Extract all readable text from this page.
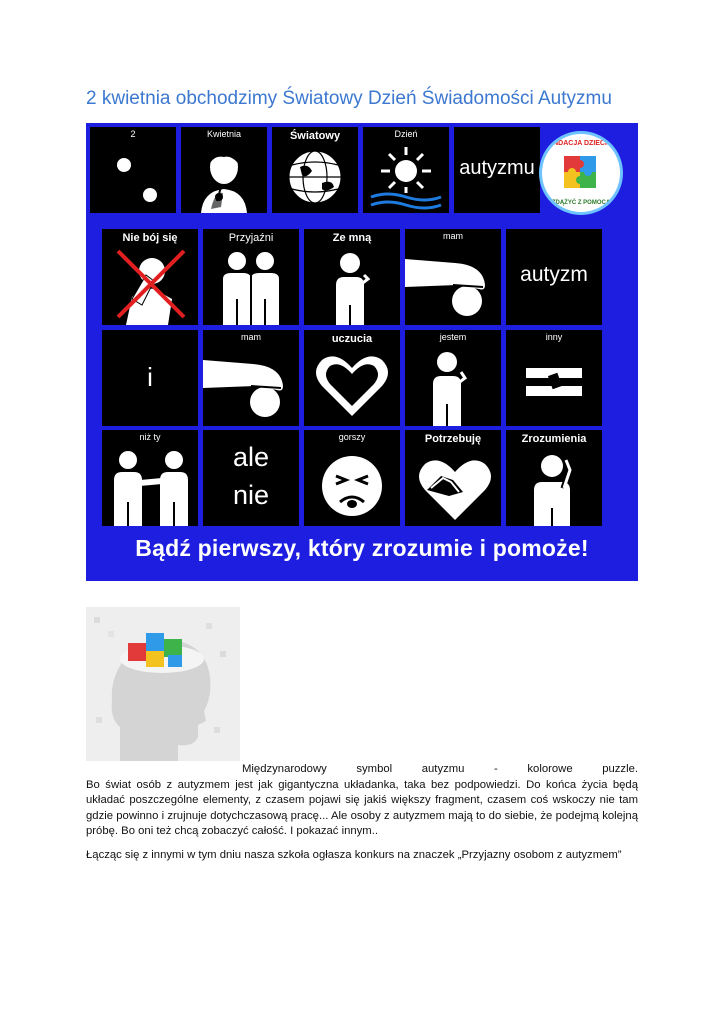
2 kwietnia obchodzimy Światowy Dzień Świadomości Autyzmu
2	Kwietnia	Światowy	Dzień
autyzmu
FUNDACJA DZIECIOM
ZDĄŻYĆ Z POMOCĄ
Nie bój się	Przyjaźni	Ze mną	mam
autyzm
i
mam	uczucia	jestem	inny
niż ty
ale
nie
gorszy	Potrzebuję	Zrozumienia
Bądź pierwszy, który zrozumie i pomoże!
Międzynarodowy symbol autyzmu - kolorowe puzzle.
Bo świat osób z autyzmem jest jak gigantyczna układanka, taka bez podpowiedzi. Do końca życia będą układać poszczególne elementy, z czasem pojawi się jakiś większy fragment, czasem coś wskoczy nie tam gdzie powinno i zrujnuje dotychczasową pracę... Ale osoby z autyzmem mają to do siebie, że podejmą kolejną próbę. Bo oni też chcą zobaczyć całość. I pokazać innym..
Łącząc się z innymi w tym dniu nasza szkoła ogłasza konkurs na znaczek „Przyjazny osobom z autyzmem”
